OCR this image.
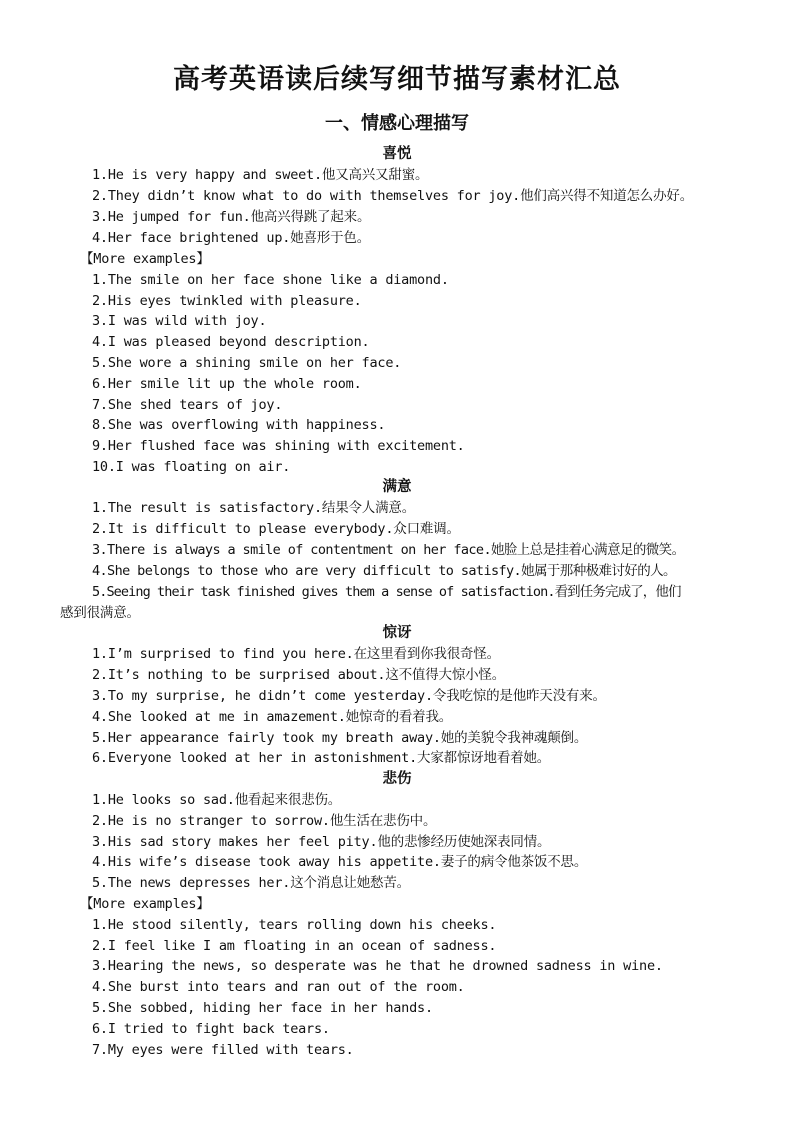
高考英语读后续写细节描写素材汇总
一、情感心理描写
喜悦
1.He is very happy and sweet.他又高兴又甜蜜。
2.They didn’t know what to do with themselves for joy.他们高兴得不知道怎么办好。
3.He jumped for fun.他高兴得跳了起来。
4.Her face brightened up.她喜形于色。
【More examples】
1.The smile on her face shone like a diamond.
2.His eyes twinkled with pleasure.
3.I was wild with joy.
4.I was pleased beyond description.
5.She wore a shining smile on her face.
6.Her smile lit up the whole room.
7.She shed tears of joy.
8.She was overflowing with happiness.
9.Her flushed face was shining with excitement.
10.I was floating on air.
满意
1.The result is satisfactory.结果令人满意。
2.It is difficult to please everybody.众口难调。
3.There is always a smile of contentment on her face.她脸上总是挂着心满意足的微笑。
4.She belongs to those who are very difficult to satisfy.她属于那种极难讨好的人。
5.Seeing their task finished gives them a sense of satisfaction.看到任务完成了，他们
感到很满意。
惊讶
1.I’m surprised to find you here.在这里看到你我很奇怪。
2.It’s nothing to be surprised about.这不值得大惊小怪。
3.To my surprise, he didn’t come yesterday.令我吃惊的是他昨天没有来。
4.She looked at me in amazement.她惊奇的看着我。
5.Her appearance fairly took my breath away.她的美貌令我神魂颠倒。
6.Everyone looked at her in astonishment.大家都惊讶地看着她。
悲伤
1.He looks so sad.他看起来很悲伤。
2.He is no stranger to sorrow.他生活在悲伤中。
3.His sad story makes her feel pity.他的悲惨经历使她深表同情。
4.His wife’s disease took away his appetite.妻子的病令他茶饭不思。
5.The news depresses her.这个消息让她愁苦。
【More examples】
1.He stood silently, tears rolling down his cheeks.
2.I feel like I am floating in an ocean of sadness.
3.Hearing the news, so desperate was he that he drowned sadness in wine.
4.She burst into tears and ran out of the room.
5.She sobbed, hiding her face in her hands.
6.I tried to fight back tears.
7.My eyes were filled with tears.
